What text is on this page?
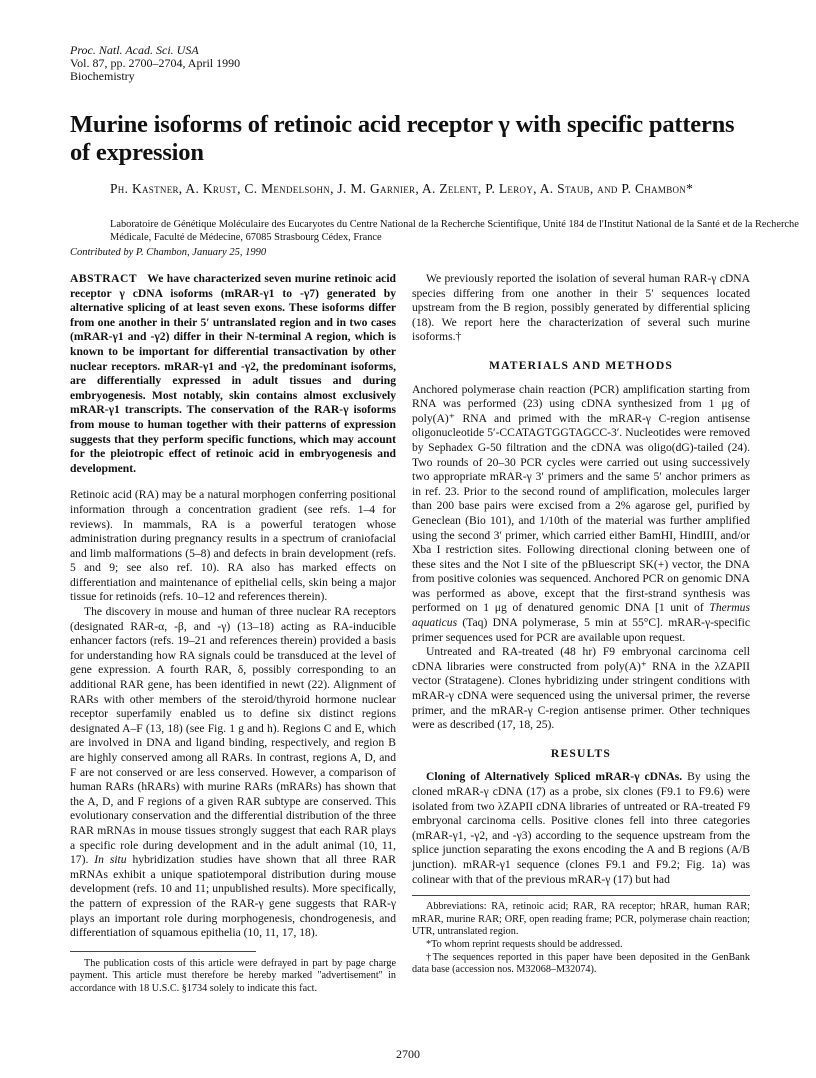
Proc. Natl. Acad. Sci. USA
Vol. 87, pp. 2700–2704, April 1990
Biochemistry
Murine isoforms of retinoic acid receptor γ with specific patterns of expression
Ph. Kastner, A. Krust, C. Mendelsohn, J. M. Garnier, A. Zelent, P. Leroy, A. Staub, and P. Chambon*
Laboratoire de Génétique Moléculaire des Eucaryotes du Centre National de la Recherche Scientifique, Unité 184 de l'Institut National de la Santé et de la Recherche Médicale, Faculté de Médecine, 67085 Strasbourg Cédex, France
Contributed by P. Chambon, January 25, 1990

ABSTRACT We have characterized seven murine retinoic acid receptor γ cDNA isoforms (mRAR-γ1 to -γ7) generated by alternative splicing of at least seven exons. These isoforms differ from one another in their 5′ untranslated region and in two cases (mRAR-γ1 and -γ2) differ in their N-terminal A region, which is known to be important for differential transactivation by other nuclear receptors. mRAR-γ1 and -γ2, the predominant isoforms, are differentially expressed in adult tissues and during embryogenesis. Most notably, skin contains almost exclusively mRAR-γ1 transcripts. The conservation of the RAR-γ isoforms from mouse to human together with their patterns of expression suggests that they perform specific functions, which may account for the pleiotropic effect of retinoic acid in embryogenesis and development.

Retinoic acid (RA) may be a natural morphogen conferring positional information through a concentration gradient (see refs. 1–4 for reviews). In mammals, RA is a powerful teratogen whose administration during pregnancy results in a spectrum of craniofacial and limb malformations (5–8) and defects in brain development (refs. 5 and 9; see also ref. 10). RA also has marked effects on differentiation and maintenance of epithelial cells, skin being a major tissue for retinoids (refs. 10–12 and references therein).

The discovery in mouse and human of three nuclear RA receptors (designated RAR-α, -β, and -γ) (13–18) acting as RA-inducible enhancer factors (refs. 19–21 and references therein) provided a basis for understanding how RA signals could be transduced at the level of gene expression. A fourth RAR, δ, possibly corresponding to an additional RAR gene, has been identified in newt (22). Alignment of RARs with other members of the steroid/thyroid hormone nuclear receptor superfamily enabled us to define six distinct regions designated A–F (13, 18) (see Fig. 1 g and h). Regions C and E, which are involved in DNA and ligand binding, respectively, and region B are highly conserved among all RARs. In contrast, regions A, D, and F are not conserved or are less conserved. However, a comparison of human RARs (hRARs) with murine RARs (mRARs) has shown that the A, D, and F regions of a given RAR subtype are conserved. This evolutionary conservation and the differential distribution of the three RAR mRNAs in mouse tissues strongly suggest that each RAR plays a specific role during development and in the adult animal (10, 11, 17). In situ hybridization studies have shown that all three RAR mRNAs exhibit a unique spatiotemporal distribution during mouse development (refs. 10 and 11; unpublished results). More specifically, the pattern of expression of the RAR-γ gene suggests that RAR-γ plays an important role during morphogenesis, chondrogenesis, and differentiation of squamous epithelia (10, 11, 17, 18).

The publication costs of this article were defrayed in part by page charge payment. This article must therefore be hereby marked "advertisement" in accordance with 18 U.S.C. §1734 solely to indicate this fact.

We previously reported the isolation of several human RAR-γ cDNA species differing from one another in their 5′ sequences located upstream from the B region, possibly generated by differential splicing (18). We report here the characterization of several such murine isoforms.†

MATERIALS AND METHODS

Anchored polymerase chain reaction (PCR) amplification starting from RNA was performed (23) using cDNA synthesized from 1 μg of poly(A)⁺ RNA and primed with the mRAR-γ C-region antisense oligonucleotide 5′-CCATAGTGGTAGCC-3′. Nucleotides were removed by Sephadex G-50 filtration and the cDNA was oligo(dG)-tailed (24). Two rounds of 20–30 PCR cycles were carried out using successively two appropriate mRAR-γ 3′ primers and the same 5′ anchor primers as in ref. 23. Prior to the second round of amplification, molecules larger than 200 base pairs were excised from a 2% agarose gel, purified by Geneclean (Bio 101), and 1/10th of the material was further amplified using the second 3′ primer, which carried either BamHI, HindIII, and/or Xba I restriction sites. Following directional cloning between one of these sites and the Not I site of the pBluescript SK(+) vector, the DNA from positive colonies was sequenced. Anchored PCR on genomic DNA was performed as above, except that the first-strand synthesis was performed on 1 μg of denatured genomic DNA [1 unit of Thermus aquaticus (Taq) DNA polymerase, 5 min at 55°C]. mRAR-γ-specific primer sequences used for PCR are available upon request.

Untreated and RA-treated (48 hr) F9 embryonal carcinoma cell cDNA libraries were constructed from poly(A)⁺ RNA in the λZAPII vector (Stratagene). Clones hybridizing under stringent conditions with mRAR-γ cDNA were sequenced using the universal primer, the reverse primer, and the mRAR-γ C-region antisense primer. Other techniques were as described (17, 18, 25).

RESULTS

Cloning of Alternatively Spliced mRAR-γ cDNAs. By using the cloned mRAR-γ cDNA (17) as a probe, six clones (F9.1 to F9.6) were isolated from two λZAPII cDNA libraries of untreated or RA-treated F9 embryonal carcinoma cells. Positive clones fell into three categories (mRAR-γ1, -γ2, and -γ3) according to the sequence upstream from the splice junction separating the exons encoding the A and B regions (A/B junction). mRAR-γ1 sequence (clones F9.1 and F9.2; Fig. 1a) was colinear with that of the previous mRAR-γ (17) but had

Abbreviations: RA, retinoic acid; RAR, RA receptor; hRAR, human RAR; mRAR, murine RAR; ORF, open reading frame; PCR, polymerase chain reaction; UTR, untranslated region.

*To whom reprint requests should be addressed.

†The sequences reported in this paper have been deposited in the GenBank data base (accession nos. M32068–M32074).

2700
